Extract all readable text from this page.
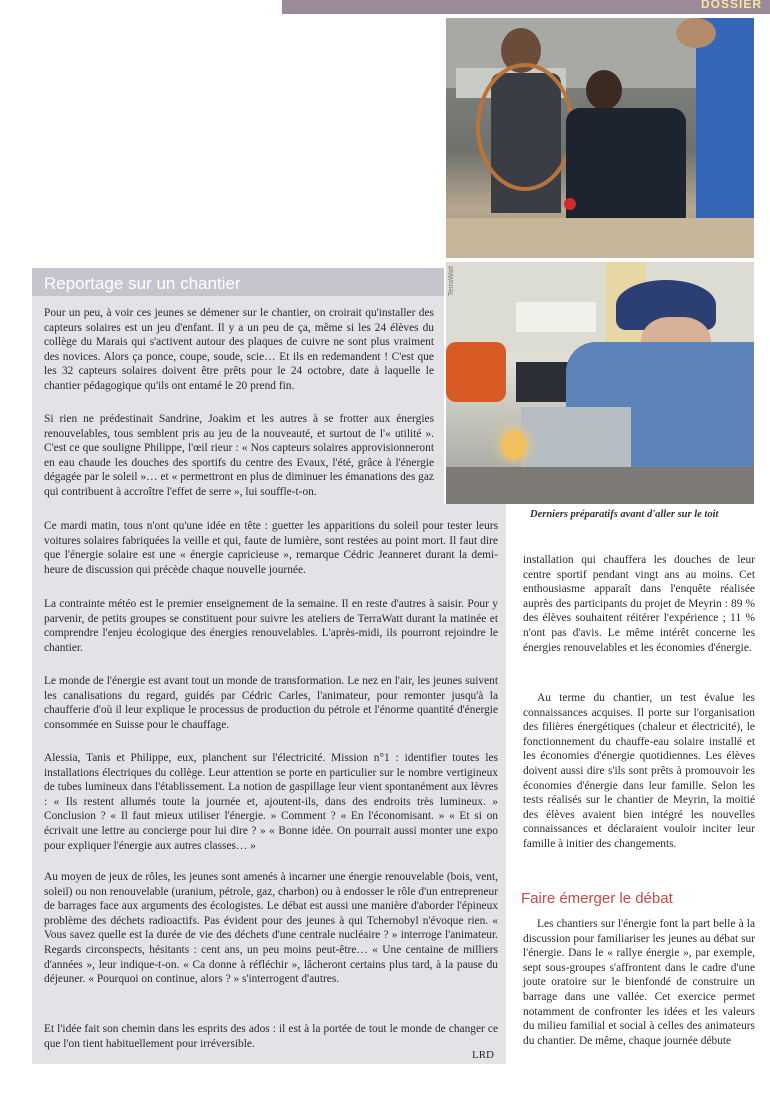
DOSSIER
TerraWatt
Reportage sur un chantier

Pour un peu, à voir ces jeunes se démener sur le chantier, on croirait qu'installer des capteurs solaires est un jeu d'enfant. Il y a un peu de ça, même si les 24 élèves du collège du Marais qui s'activent autour des plaques de cuivre ne sont plus vraiment des novices. Alors ça ponce, coupe, soude, scie… Et ils en redemandent ! C'est que les 32 capteurs solaires doivent être prêts pour le 24 octobre, date à laquelle le chantier pédagogique qu'ils ont entamé le 20 prend fin.

Si rien ne prédestinait Sandrine, Joakim et les autres à se frotter aux énergies renouvelables, tous semblent pris au jeu de la nouveauté, et surtout de l'« utilité ». C'est ce que souligne Philippe, l'œil rieur : « Nos capteurs solaires approvisionneront en eau chaude les douches des sportifs du centre des Evaux, l'été, grâce à l'énergie dégagée par le soleil »… et « permettront en plus de diminuer les émanations des gaz qui contribuent à accroître l'effet de serre », lui souffle-t-on.

Derniers préparatifs avant d'aller sur le toit

Ce mardi matin, tous n'ont qu'une idée en tête : guetter les apparitions du soleil pour tester leurs voitures solaires fabriquées la veille et qui, faute de lumière, sont restées au point mort. Il faut dire que l'énergie solaire est une « énergie capricieuse », remarque Cédric Jeanneret durant la demi-heure de discussion qui précède chaque nouvelle journée.

La contrainte météo est le premier enseignement de la semaine. Il en reste d'autres à saisir. Pour y parvenir, de petits groupes se constituent pour suivre les ateliers de TerraWatt durant la matinée et comprendre l'enjeu écologique des énergies renouvelables. L'après-midi, ils pourront rejoindre le chantier.

Le monde de l'énergie est avant tout un monde de transformation. Le nez en l'air, les jeunes suivent les canalisations du regard, guidés par Cédric Carles, l'animateur, pour remonter jusqu'à la chaufferie d'où il leur explique le processus de production du pétrole et l'énorme quantité d'énergie consommée en Suisse pour le chauffage.

Alessia, Tanis et Philippe, eux, planchent sur l'électricité. Mission n°1 : identifier toutes les installations électriques du collège. Leur attention se porte en particulier sur le nombre vertigineux de tubes lumineux dans l'établissement. La notion de gaspillage leur vient spontanément aux lèvres : « Ils restent allumés toute la journée et, ajoutent-ils, dans des endroits très lumineux. » Conclusion ? « Il faut mieux utiliser l'énergie. » Comment ? « En l'économisant. » « Et si on écrivait une lettre au concierge pour lui dire ? » « Bonne idée. On pourrait aussi monter une expo pour expliquer l'énergie aux autres classes… »

Au moyen de jeux de rôles, les jeunes sont amenés à incarner une énergie renouvelable (bois, vent, soleil) ou non renouvelable (uranium, pétrole, gaz, charbon) ou à endosser le rôle d'un entrepreneur de barrages face aux arguments des écologistes. Le débat est aussi une manière d'aborder l'épineux problème des déchets radioactifs. Pas évident pour des jeunes à qui Tchernobyl n'évoque rien. « Vous savez quelle est la durée de vie des déchets d'une centrale nucléaire ? » interroge l'animateur. Regards circonspects, hésitants : cent ans, un peu moins peut-être… « Une centaine de milliers d'années », leur indique-t-on. « Ca donne à réfléchir », lâcheront certains plus tard, à la pause du déjeuner. « Pourquoi on continue, alors ? » s'interrogent d'autres.

Et l'idée fait son chemin dans les esprits des ados : il est à la portée de tout le monde de changer ce que l'on tient habituellement pour irréversible.

LRD

installation qui chauffera les douches de leur centre sportif pendant vingt ans au moins. Cet enthousiasme apparaît dans l'enquête réalisée auprès des participants du projet de Meyrin : 89 % des élèves souhaitent réitérer l'expérience ; 11 % n'ont pas d'avis. Le même intérêt concerne les énergies renouvelables et les économies d'énergie.

Au terme du chantier, un test évalue les connaissances acquises. Il porte sur l'organisation des filières énergétiques (chaleur et électricité), le fonctionnement du chauffe-eau solaire installé et les économies d'énergie quotidiennes. Les élèves doivent aussi dire s'ils sont prêts à promouvoir les économies d'énergie dans leur famille. Selon les tests réalisés sur le chantier de Meyrin, la moitié des élèves avaient bien intégré les nouvelles connaissances et déclaraient vouloir inciter leur famille à initier des changements.

Faire émerger le débat

Les chantiers sur l'énergie font la part belle à la discussion pour familiariser les jeunes au débat sur l'énergie. Dans le « rallye énergie », par exemple, sept sous-groupes s'affrontent dans le cadre d'une joute oratoire sur le bienfondé de construire un barrage dans une vallée. Cet exercice permet notamment de confronter les idées et les valeurs du milieu familial et social à celles des animateurs du chantier. De même, chaque journée débute
